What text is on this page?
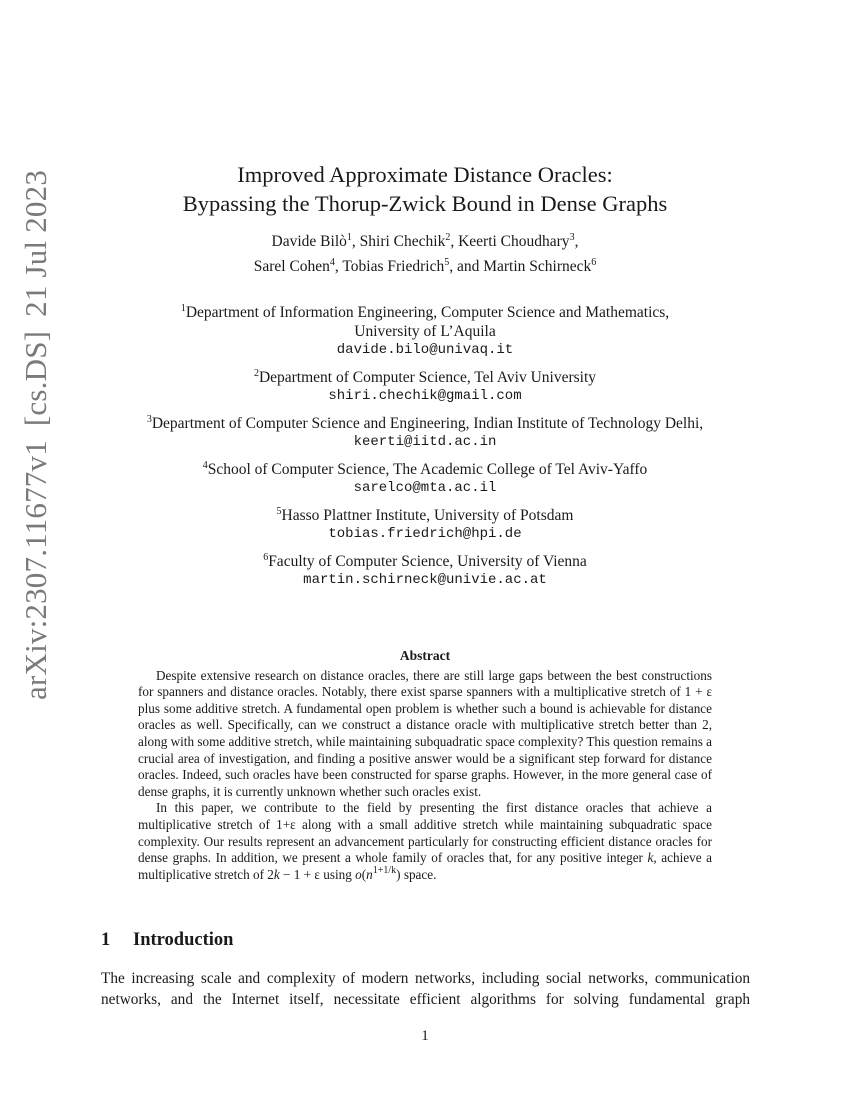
arXiv:2307.11677v1[cs.DS]21 Jul 2023	Improved Approximate Distance Oracles:
Bypassing the Thorup-Zwick Bound in Dense Graphs
Davide Bilò$^1$, Shiri Chechik$^2$, Keerti Choudhary$^3$,
Sarel Cohen$^4$, Tobias Friedrich$^5$, and Martin Schirneck$^6$
$^1$Department of Information Engineering, Computer Science and Mathematics,
University of L’Aquila
davide.bilo@univaq.it
$^2$Department of Computer Science, Tel Aviv University
shiri.chechik@gmail.com
$^3$Department of Computer Science and Engineering, Indian Institute of Technology Delhi,
keerti@iitd.ac.in
$^4$School of Computer Science, The Academic College of Tel Aviv-Yaffo
sarelco@mta.ac.il
$^5$Hasso Plattner Institute, University of Potsdam
tobias.friedrich@hpi.de
$^6$Faculty of Computer Science, University of Vienna
martin.schirneck@univie.ac.at
Abstract

Despite extensive research on distance oracles, there are still large gaps between the best constructions for spanners and distance oracles. Notably, there exist sparse spanners with a multiplicative stretch of 1 + ε plus some additive stretch. A fundamental open problem is whether such a bound is achievable for distance oracles as well. Specifically, can we construct a distance oracle with multiplicative stretch better than 2, along with some additive stretch, while maintaining subquadratic space complexity? This question remains a crucial area of investigation, and finding a positive answer would be a significant step forward for distance oracles. Indeed, such oracles have been constructed for sparse graphs. However, in the more general case of dense graphs, it is currently unknown whether such oracles exist.

In this paper, we contribute to the field by presenting the first distance oracles that achieve a multiplicative stretch of 1+ε along with a small additive stretch while maintaining subquadratic space complexity. Our results represent an advancement particularly for constructing efficient distance oracles for dense graphs. In addition, we present a whole family of oracles that, for any positive integer k, achieve a multiplicative stretch of 2k − 1 + ε using $o(n^{1+1/k})$ space.

1 Introduction

The increasing scale and complexity of modern networks, including social networks, communication networks, and the Internet itself, necessitate efficient algorithms for solving fundamental graph

1
